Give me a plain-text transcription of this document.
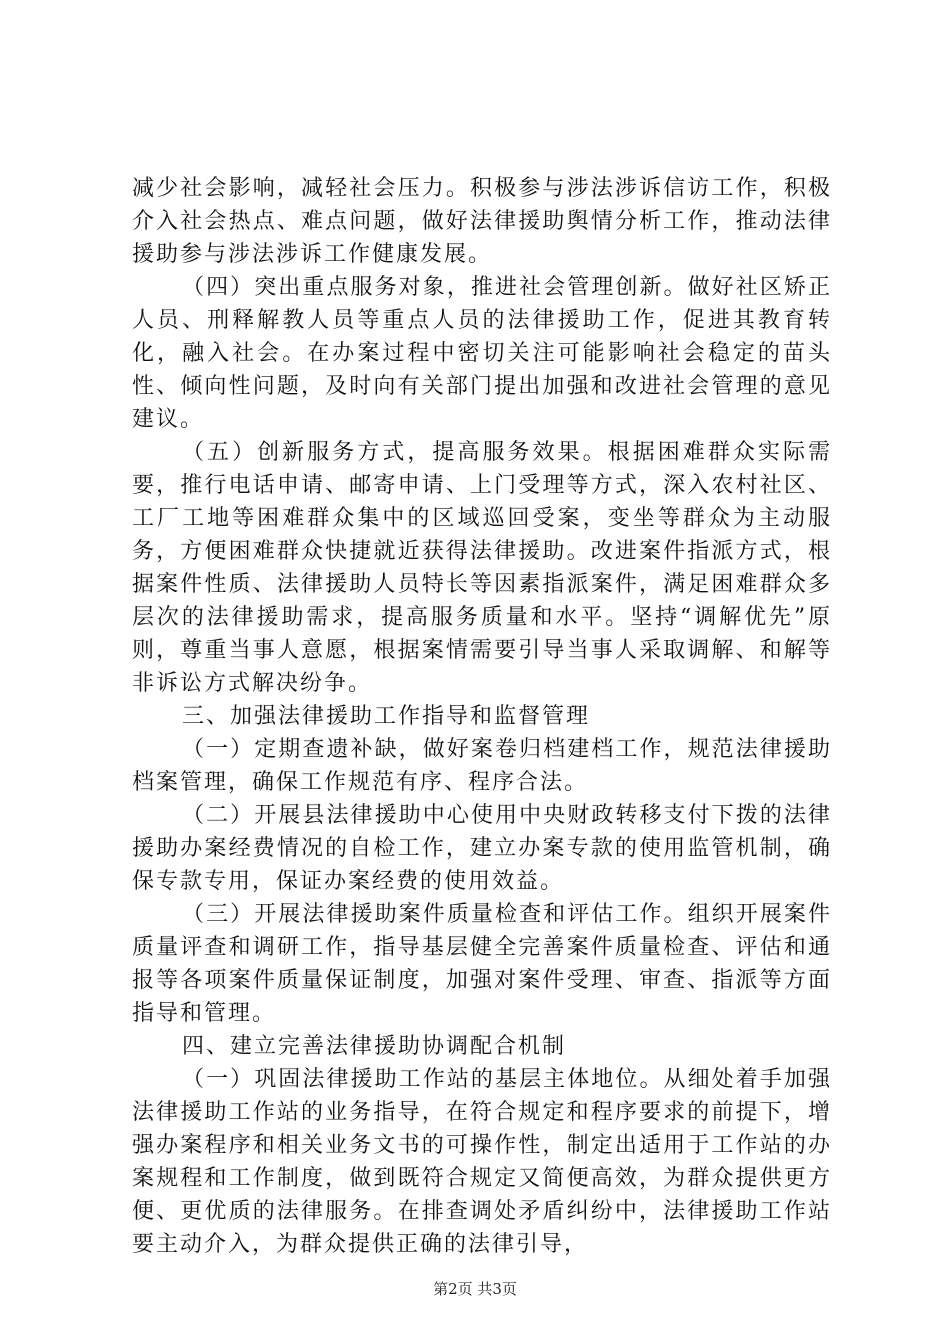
减少社会影响，减轻社会压力。积极参与涉法涉诉信访工作，积极介入社会热点、难点问题，做好法律援助舆情分析工作，推动法律援助参与涉法涉诉工作健康发展。

（四）突出重点服务对象，推进社会管理创新。做好社区矫正人员、刑释解教人员等重点人员的法律援助工作，促进其教育转化，融入社会。在办案过程中密切关注可能影响社会稳定的苗头性、倾向性问题，及时向有关部门提出加强和改进社会管理的意见建议。

（五）创新服务方式，提高服务效果。根据困难群众实际需要，推行电话申请、邮寄申请、上门受理等方式，深入农村社区、工厂工地等困难群众集中的区域巡回受案，变坐等群众为主动服务，方便困难群众快捷就近获得法律援助。改进案件指派方式，根据案件性质、法律援助人员特长等因素指派案件，满足困难群众多层次的法律援助需求，提高服务质量和水平。坚持“调解优先”原则，尊重当事人意愿，根据案情需要引导当事人采取调解、和解等非诉讼方式解决纷争。

三、加强法律援助工作指导和监督管理

（一）定期查遗补缺，做好案卷归档建档工作，规范法律援助档案管理，确保工作规范有序、程序合法。

（二）开展县法律援助中心使用中央财政转移支付下拨的法律援助办案经费情况的自检工作，建立办案专款的使用监管机制，确保专款专用，保证办案经费的使用效益。

（三）开展法律援助案件质量检查和评估工作。组织开展案件质量评查和调研工作，指导基层健全完善案件质量检查、评估和通报等各项案件质量保证制度，加强对案件受理、审查、指派等方面指导和管理。

四、建立完善法律援助协调配合机制

（一）巩固法律援助工作站的基层主体地位。从细处着手加强法律援助工作站的业务指导，在符合规定和程序要求的前提下，增强办案程序和相关业务文书的可操作性，制定出适用于工作站的办案规程和工作制度，做到既符合规定又简便高效，为群众提供更方便、更优质的法律服务。在排查调处矛盾纠纷中，法律援助工作站要主动介入，为群众提供正确的法律引导，

第2页 共3页
